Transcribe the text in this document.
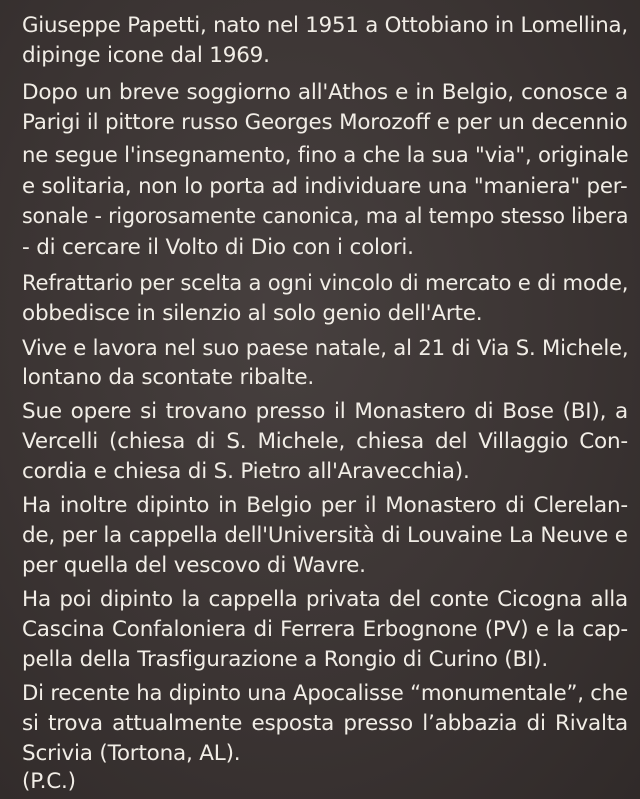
Giuseppe Papetti, nato nel 1951 a Ottobiano in Lomellina,
dipinge icone dal 1969.
Dopo un breve soggiorno all'Athos e in Belgio, conosce a
Parigi il pittore russo Georges Morozoff e per un decennio
ne segue l'insegnamento, fino a che la sua "via", originale
e solitaria, non lo porta ad individuare una "maniera" per-
sonale - rigorosamente canonica, ma al tempo stesso libera
- di cercare il Volto di Dio con i colori.
Refrattario per scelta a ogni vincolo di mercato e di mode,
obbedisce in silenzio al solo genio dell'Arte.
Vive e lavora nel suo paese natale, al 21 di Via S. Michele,
lontano da scontate ribalte.
Sue opere si trovano presso il Monastero di Bose (BI), a
Vercelli (chiesa di S. Michele, chiesa del Villaggio Con-
cordia e chiesa di S. Pietro all'Aravecchia).
Ha inoltre dipinto in Belgio per il Monastero di Clerelan-
de, per la cappella dell'Università di Louvaine La Neuve e
per quella del vescovo di Wavre.
Ha poi dipinto la cappella privata del conte Cicogna alla
Cascina Confaloniera di Ferrera Erbognone (PV) e la cap-
pella della Trasfigurazione a Rongio di Curino (BI).
Di recente ha dipinto una Apocalisse “monumentale”, che
si trova attualmente esposta presso l’abbazia di Rivalta
Scrivia (Tortona, AL).
(P.C.)
